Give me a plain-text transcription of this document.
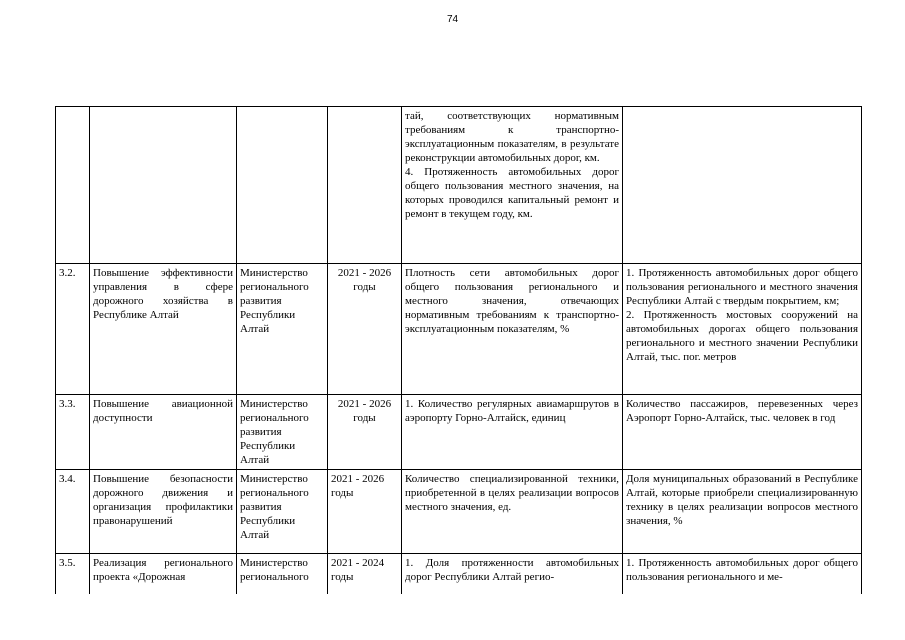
74

				тай, соответствующих нормативным требованиям к транспортно-эксплуатационным показателям, в результате реконструкции автомобильных дорог, км.
4. Протяженность автомобильных дорог общего пользования местного значения, на которых проводился капитальный ремонт и ремонт в текущем году, км.	

3.2.	Повышение эффективности управления в сфере дорожного хозяйства в Республике Алтай	Министерство регионального развития Республики Алтай	2021 - 2026 годы	Плотность сети автомобильных дорог общего пользования регионального и местного значения, отвечающих нормативным требованиям к транспортно-эксплуатационным показателям, %	1. Протяженность автомобильных дорог общего пользования регионального и местного значения Республики Алтай с твердым покрытием, км;
2. Протяженность мостовых сооружений на автомобильных дорогах общего пользования регионального и местного значении Республики Алтай, тыс. пог. метров

3.3.	Повышение авиационной доступности	Министерство регионального развития Республики Алтай	2021 - 2026 годы	1. Количество регулярных авиамаршрутов в аэропорту Горно-Алтайск, единиц	Количество пассажиров, перевезенных через Аэропорт Горно-Алтайск, тыс. человек в год

3.4.	Повышение безопасности дорожного движения и организация профилактики правонарушений	Министерство регионального развития Республики Алтай	2021 - 2026 годы	Количество специализированной техники, приобретенной в целях реализации вопросов местного значения, ед.	Доля муниципальных образований в Республике Алтай, которые приобрели специализированную технику в целях реализации вопросов местного значения, %

3.5.	Реализация регионального проекта «Дорожная	Министерство регионального	2021 - 2024 годы	1. Доля протяженности автомобильных дорог Республики Алтай регио-	1. Протяженность автомобильных дорог общего пользования регионального и ме-
